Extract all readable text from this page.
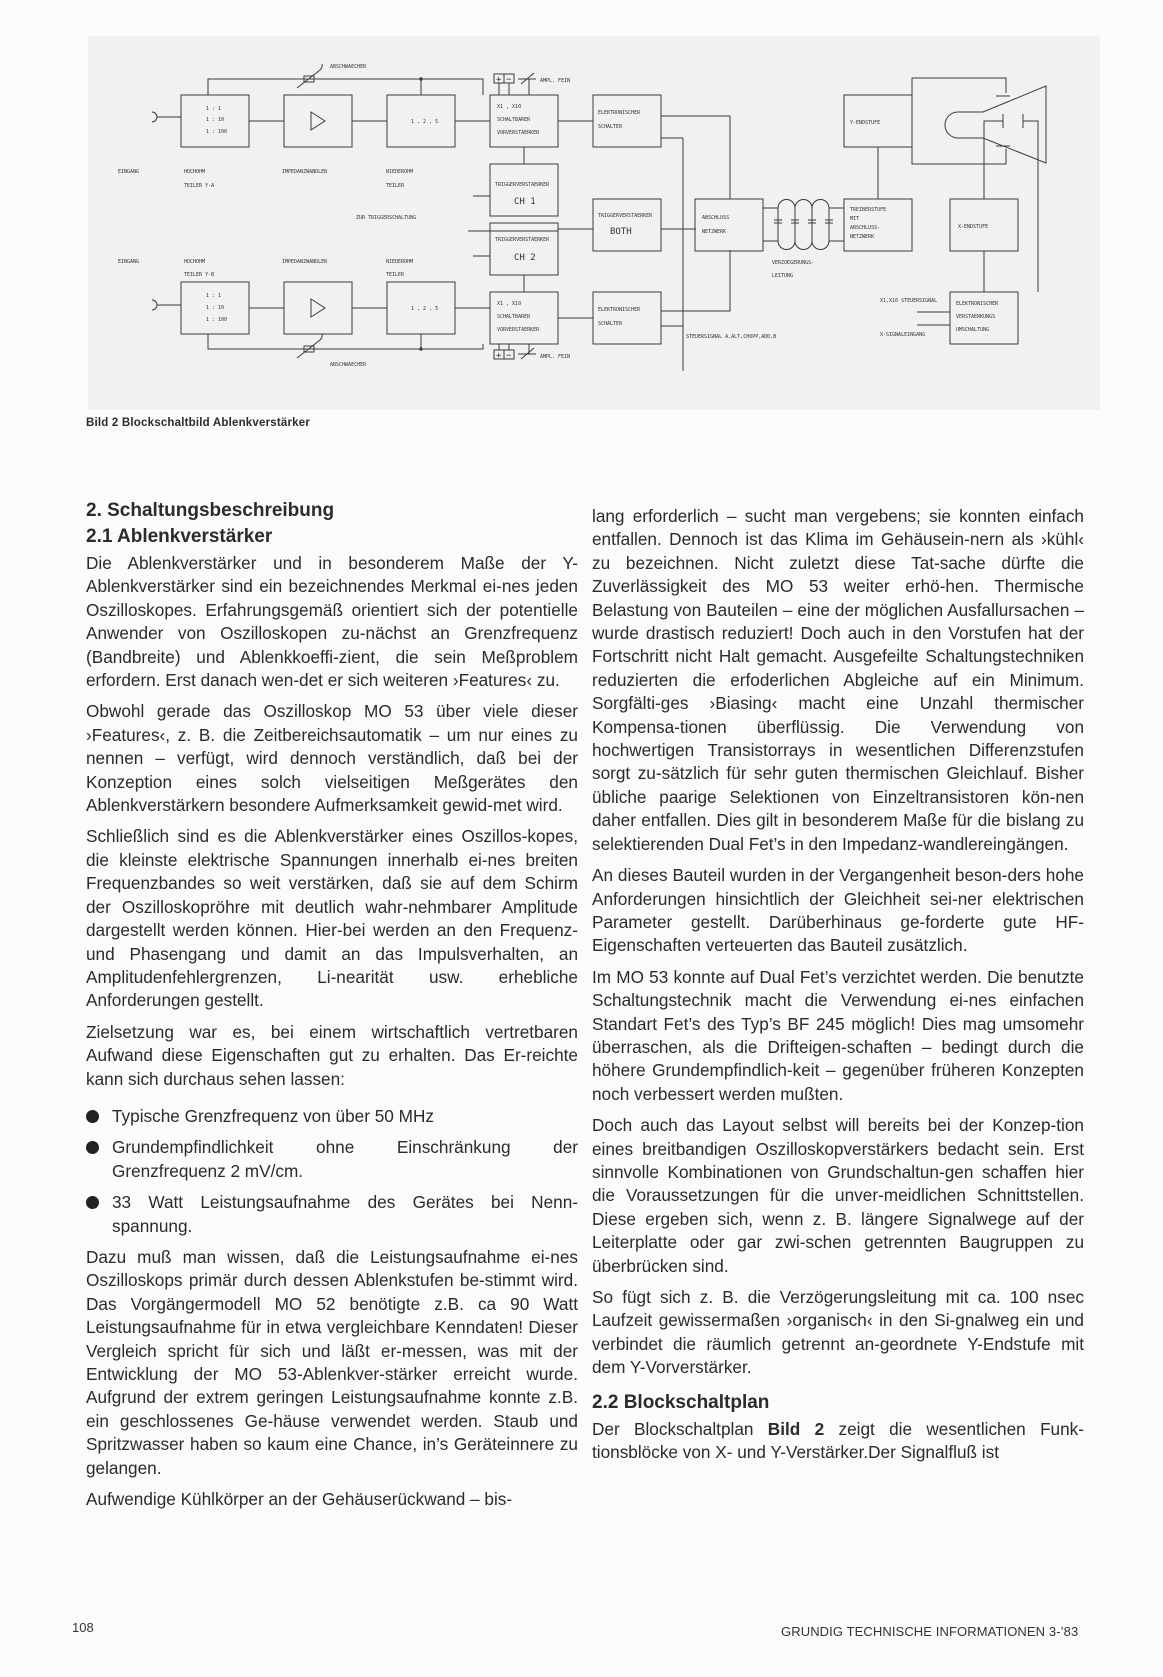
1 : 1
1 : 10
1 : 100
1 , 2 , 5
X1 , X10
SCHALTBARER
VORVERSTAERKER
ABSCHWAECHER
+ −	AMPL. FEIN
EINGANG	HOCHOHM
TEILER Y-A
IMPEDANZWANDLER	NIEDEROHM
TEILER	TRIGGERVERSTAERKER
CH 1
ZUR TRIGGERSCHALTUNG
TRIGGERVERSTAERKER
CH 2
1 : 1
1 : 10
1 : 100
1 , 2 , 5
X1 , X10
SCHALTBARER
VORVERSTAERKER
ABSCHWAECHER
+ −	AMPL. FEIN
EINGANG	HOCHOHM
TEILER Y-B
IMPEDANZWANDLER	NIEDEROHM
TEILER
ELEKTRONISCHER
SCHALTER
TRIGGERVERSTAERKER
BOTH
ELEKTRONISCHER
SCHALTER
STEUERSIGNAL A,ALT,CHOPP,ADD,B
ABSCHLUSS
NETZWERK
VERZOEGERUNGS-
LEITUNG
TREIBERSTUFE
MIT
ABSCHLUSS-
NETZWERK
Y-ENDSTUFE
X-ENDSTUFE
ELEKTRONISCHER
VERSTAERKUNGS
UMSCHALTUNG
X1,X10 STEUERSIGNAL
X-SIGNALEINGANG
Bild 2 Blockschaltbild Ablenkverstärker
2. Schaltungsbeschreibung
2.1 Ablenkverstärker

Die Ablenkverstärker und in besonderem Maße der Y-Ablenkverstärker sind ein bezeichnendes Merkmal ei-nes jeden Oszilloskopes. Erfahrungsgemäß orientiert sich der potentielle Anwender von Oszilloskopen zu-nächst an Grenzfrequenz (Bandbreite) und Ablenkkoeffi-zient, die sein Meßproblem erfordern. Erst danach wen-det er sich weiteren ›Features‹ zu.

Obwohl gerade das Oszilloskop MO 53 über viele dieser ›Features‹, z. B. die Zeitbereichsautomatik – um nur eines zu nennen – verfügt, wird dennoch verständlich, daß bei der Konzeption eines solch vielseitigen Meßgerätes den Ablenkverstärkern besondere Aufmerksamkeit gewid-met wird.

Schließlich sind es die Ablenkverstärker eines Oszillos-kopes, die kleinste elektrische Spannungen innerhalb ei-nes breiten Frequenzbandes so weit verstärken, daß sie auf dem Schirm der Oszilloskopröhre mit deutlich wahr-nehmbarer Amplitude dargestellt werden können. Hier-bei werden an den Frequenz- und Phasengang und damit an das Impulsverhalten, an Amplitudenfehlergrenzen, Li-nearität usw. erhebliche Anforderungen gestellt.

Zielsetzung war es, bei einem wirtschaftlich vertretbaren Aufwand diese Eigenschaften gut zu erhalten. Das Er-reichte kann sich durchaus sehen lassen:

Typische Grenzfrequenz von über 50 MHz
Grundempfindlichkeit ohne Einschränkung der Grenzfrequenz 2 mV/cm.
33 Watt Leistungsaufnahme des Gerätes bei Nenn-spannung.

Dazu muß man wissen, daß die Leistungsaufnahme ei-nes Oszilloskops primär durch dessen Ablenkstufen be-stimmt wird. Das Vorgängermodell MO 52 benötigte z.B. ca 90 Watt Leistungsaufnahme für in etwa vergleichbare Kenndaten! Dieser Vergleich spricht für sich und läßt er-messen, was mit der Entwicklung der MO 53-Ablenkver-stärker erreicht wurde. Aufgrund der extrem geringen Leistungsaufnahme konnte z.B. ein geschlossenes Ge-häuse verwendet werden. Staub und Spritzwasser haben so kaum eine Chance, in’s Geräteinnere zu gelangen.

Aufwendige Kühlkörper an der Gehäuserückwand – bis-

lang erforderlich – sucht man vergebens; sie konnten einfach entfallen. Dennoch ist das Klima im Gehäusein-nern als ›kühl‹ zu bezeichnen. Nicht zuletzt diese Tat-sache dürfte die Zuverlässigkeit des MO 53 weiter erhö-hen. Thermische Belastung von Bauteilen – eine der möglichen Ausfallursachen – wurde drastisch reduziert! Doch auch in den Vorstufen hat der Fortschritt nicht Halt gemacht. Ausgefeilte Schaltungstechniken reduzierten die erfoderlichen Abgleiche auf ein Minimum. Sorgfälti-ges ›Biasing‹ macht eine Unzahl thermischer Kompensa-tionen überflüssig. Die Verwendung von hochwertigen Transistorrays in wesentlichen Differenzstufen sorgt zu-sätzlich für sehr guten thermischen Gleichlauf. Bisher übliche paarige Selektionen von Einzeltransistoren kön-nen daher entfallen. Dies gilt in besonderem Maße für die bislang zu selektierenden Dual Fet’s in den Impedanz-wandlereingängen.

An dieses Bauteil wurden in der Vergangenheit beson-ders hohe Anforderungen hinsichtlich der Gleichheit sei-ner elektrischen Parameter gestellt. Darüberhinaus ge-forderte gute HF-Eigenschaften verteuerten das Bauteil zusätzlich.

Im MO 53 konnte auf Dual Fet’s verzichtet werden. Die benutzte Schaltungstechnik macht die Verwendung ei-nes einfachen Standart Fet’s des Typ’s BF 245 möglich! Dies mag umsomehr überraschen, als die Drifteigen-schaften – bedingt durch die höhere Grundempfindlich-keit – gegenüber früheren Konzepten noch verbessert werden mußten.

Doch auch das Layout selbst will bereits bei der Konzep-tion eines breitbandigen Oszilloskopverstärkers bedacht sein. Erst sinnvolle Kombinationen von Grundschaltun-gen schaffen hier die Voraussetzungen für die unver-meidlichen Schnittstellen. Diese ergeben sich, wenn z. B. längere Signalwege auf der Leiterplatte oder gar zwi-schen getrennten Baugruppen zu überbrücken sind.

So fügt sich z. B. die Verzögerungsleitung mit ca. 100 nsec Laufzeit gewissermaßen ›organisch‹ in den Si-gnalweg ein und verbindet die räumlich getrennt an-geordnete Y-Endstufe mit dem Y-Vorverstärker.

2.2 Blockschaltplan

Der Blockschaltplan Bild 2 zeigt die wesentlichen Funk-tionsblöcke von X- und Y-Verstärker.Der Signalfluß ist

108	GRUNDIG TECHNISCHE INFORMATIONEN 3-’83
